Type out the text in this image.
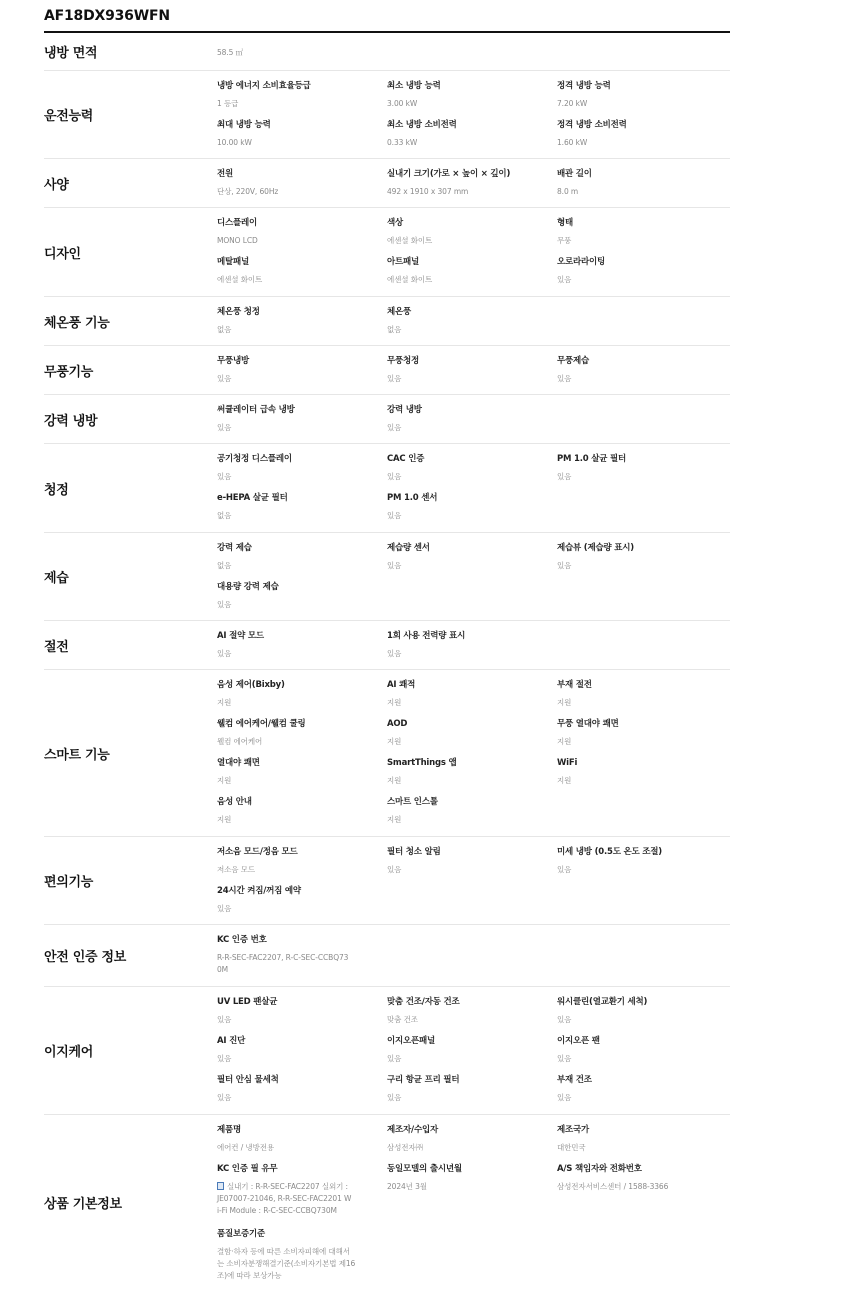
AF18DX936WFN
냉방 면적	58.5 ㎡
운전능력
냉방 에너지 소비효율등급
1 등급
최소 냉방 능력
3.00 kW
정격 냉방 능력
7.20 kW
최대 냉방 능력
10.00 kW
최소 냉방 소비전력
0.33 kW
정격 냉방 소비전력
1.60 kW
사양
전원
단상, 220V, 60Hz
실내기 크기(가로 × 높이 × 깊이)
492 x 1910 x 307 mm
배관 길이
8.0 m
디자인
디스플레이
MONO LCD
색상
에센셜 화이트
형태
무풍
메탈패널
에센셜 화이트
아트패널
에센셜 화이트
오로라라이팅
있음
체온풍 기능
체온풍 청정
없음
체온풍
없음
무풍기능
무풍냉방
있음
무풍청정
있음
무풍제습
있음
강력 냉방
써큘레이터 급속 냉방
있음
강력 냉방
있음
청정
공기청정 디스플레이
있음
CAC 인증
있음
PM 1.0 살균 필터
있음
e-HEPA 살균 필터
없음
PM 1.0 센서
있음
제습
강력 제습
없음
제습량 센서
있음
제습뷰 (제습량 표시)
있음
대용량 강력 제습
있음
절전
AI 절약 모드
있음
1회 사용 전력량 표시
있음
스마트 기능
음성 제어(Bixby)
지원
AI 쾌적
지원
부재 절전
지원
웰컴 에어케어/웰컴 쿨링
웰컴 에어케어
AOD
지원
무풍 열대야 쾌면
지원
열대야 쾌면
지원
SmartThings 앱
지원
WiFi
지원
음성 안내
지원
스마트 인스톨
지원
편의기능
저소음 모드/정음 모드
저소음 모드
필터 청소 알림
있음
미세 냉방 (0.5도 온도 조절)
있음
24시간 켜짐/꺼짐 예약
있음
안전 인증 정보
KC 인증 번호
R-R-SEC-FAC2207, R-C-SEC-CCBQ730M
이지케어
UV LED 팬살균
있음
맞춤 건조/자동 건조
맞춤 건조
워시클린(열교환기 세척)
있음
AI 진단
있음
이지오픈패널
있음
이지오픈 팬
있음
필터 안심 물세척
있음
구리 항균 프리 필터
있음
부재 건조
있음
상품 기본정보
제품명
에어컨 / 냉방전용
제조자/수입자
삼성전자㈜
제조국가
대한민국
KC 인증 필 유무
실내기 : R-R-SEC-FAC2207 실외기 : JE07007-21046, R-R-SEC-FAC2201 Wi-Fi Module : R-C-SEC-CCBQ730M
동일모델의 출시년월
2024년 3월
A/S 책임자와 전화번호
삼성전자서비스센터 / 1588-3366
품질보증기준
결함·하자 등에 따른 소비자피해에 대해서는 소비자분쟁해결기준(소비자기본법 제16조)에 따라 보상가능
